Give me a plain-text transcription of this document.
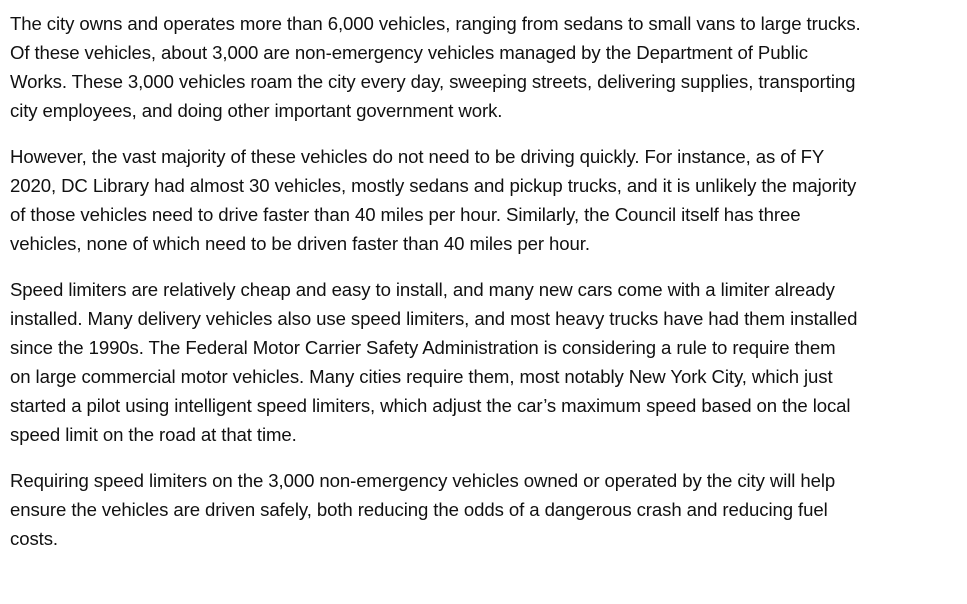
The city owns and operates more than 6,000 vehicles, ranging from sedans to small vans to large trucks.
Of these vehicles, about 3,000 are non-emergency vehicles managed by the Department of Public
Works. These 3,000 vehicles roam the city every day, sweeping streets, delivering supplies, transporting
city employees, and doing other important government work.

However, the vast majority of these vehicles do not need to be driving quickly. For instance, as of FY
2020, DC Library had almost 30 vehicles, mostly sedans and pickup trucks, and it is unlikely the majority
of those vehicles need to drive faster than 40 miles per hour. Similarly, the Council itself has three
vehicles, none of which need to be driven faster than 40 miles per hour.

Speed limiters are relatively cheap and easy to install, and many new cars come with a limiter already
installed. Many delivery vehicles also use speed limiters, and most heavy trucks have had them installed
since the 1990s. The Federal Motor Carrier Safety Administration is considering a rule to require them
on large commercial motor vehicles. Many cities require them, most notably New York City, which just
started a pilot using intelligent speed limiters, which adjust the car’s maximum speed based on the local
speed limit on the road at that time.

Requiring speed limiters on the 3,000 non-emergency vehicles owned or operated by the city will help
ensure the vehicles are driven safely, both reducing the odds of a dangerous crash and reducing fuel
costs.
